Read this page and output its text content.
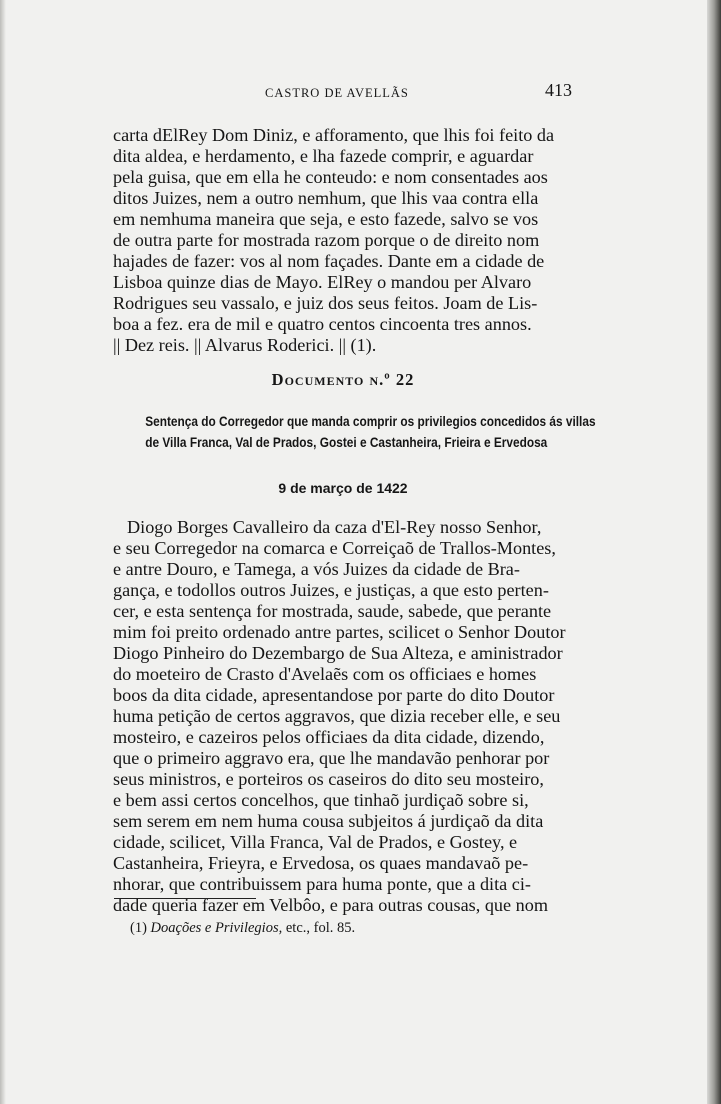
CASTRO DE AVELLÃS	413
carta dElRey Dom Diniz, e afforamento, que lhis foi feito da
dita aldea, e herdamento, e lha fazede comprir, e aguardar
pela guisa, que em ella he conteudo: e nom consentades aos
ditos Juizes, nem a outro nemhum, que lhis vaa contra ella
em nemhuma maneira que seja, e esto fazede, salvo se vos
de outra parte for mostrada razom porque o de direito nom
hajades de fazer: vos al nom façades. Dante em a cidade de
Lisboa quinze dias de Mayo. ElRey o mandou per Alvaro
Rodrigues seu vassalo, e juiz dos seus feitos. Joam de Lis-
boa a fez. era de mil e quatro centos cincoenta tres annos.
|| Dez reis. || Alvarus Roderici. || (1).
Documento n.º 22
Sentença do Corregedor que manda comprir os privilegios concedidos ás villas
de Villa Franca, Val de Prados, Gostei e Castanheira, Frieira e Ervedosa
9 de março de 1422
Diogo Borges Cavalleiro da caza d'El-Rey nosso Senhor,
e seu Corregedor na comarca e Correiçaõ de Trallos-Montes,
e antre Douro, e Tamega, a vós Juizes da cidade de Bra-
gança, e todollos outros Juizes, e justiças, a que esto perten-
cer, e esta sentença for mostrada, saude, sabede, que perante
mim foi preito ordenado antre partes, scilicet o Senhor Doutor
Diogo Pinheiro do Dezembargo de Sua Alteza, e aministrador
do moeteiro de Crasto d'Avelaẽs com os officiaes e homes
boos da dita cidade, apresentandose por parte do dito Doutor
huma petição de certos aggravos, que dizia receber elle, e seu
mosteiro, e cazeiros pelos officiaes da dita cidade, dizendo,
que o primeiro aggravo era, que lhe mandavão penhorar por
seus ministros, e porteiros os caseiros do dito seu mosteiro,
e bem assi certos concelhos, que tinhaõ jurdiçaõ sobre si,
sem serem em nem huma cousa subjeitos á jurdiçaõ da dita
cidade, scilicet, Villa Franca, Val de Prados, e Gostey, e
Castanheira, Frieyra, e Ervedosa, os quaes mandavaõ pe-
nhorar, que contribuissem para huma ponte, que a dita ci-
dade queria fazer em Velbôo, e para outras cousas, que nom
(1) Doações e Privilegios, etc., fol. 85.
